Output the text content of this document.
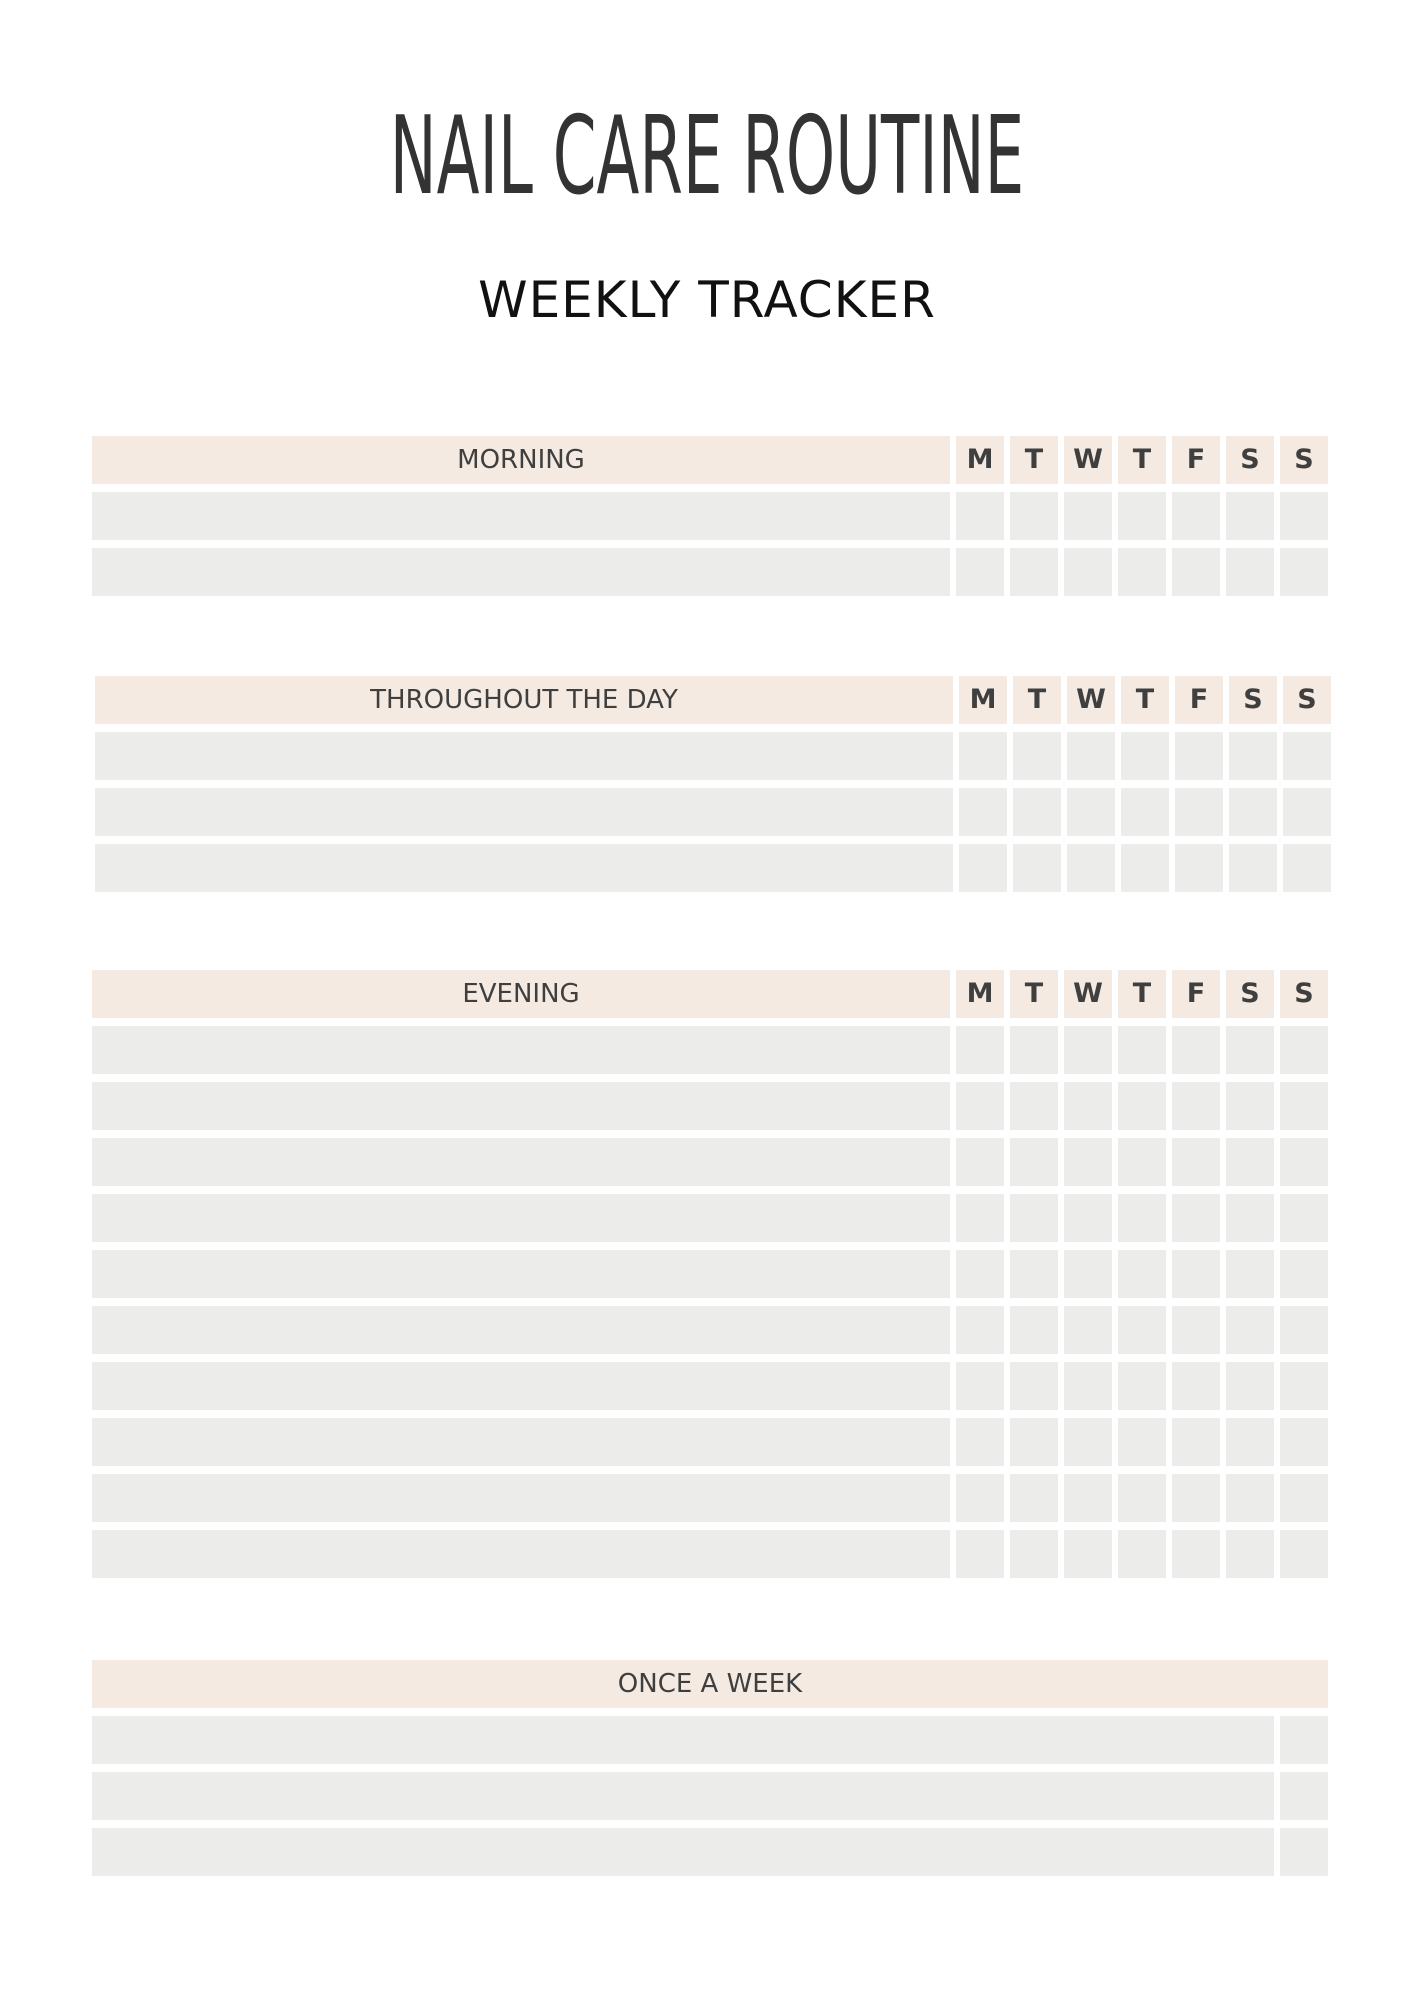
NAIL CARE ROUTINE
WEEKLY TRACKER
MORNING	M	T	W	T	F	S	S
THROUGHOUT THE DAY	M	T	W	T	F	S	S
EVENING	M	T	W	T	F	S	S
ONCE A WEEK
